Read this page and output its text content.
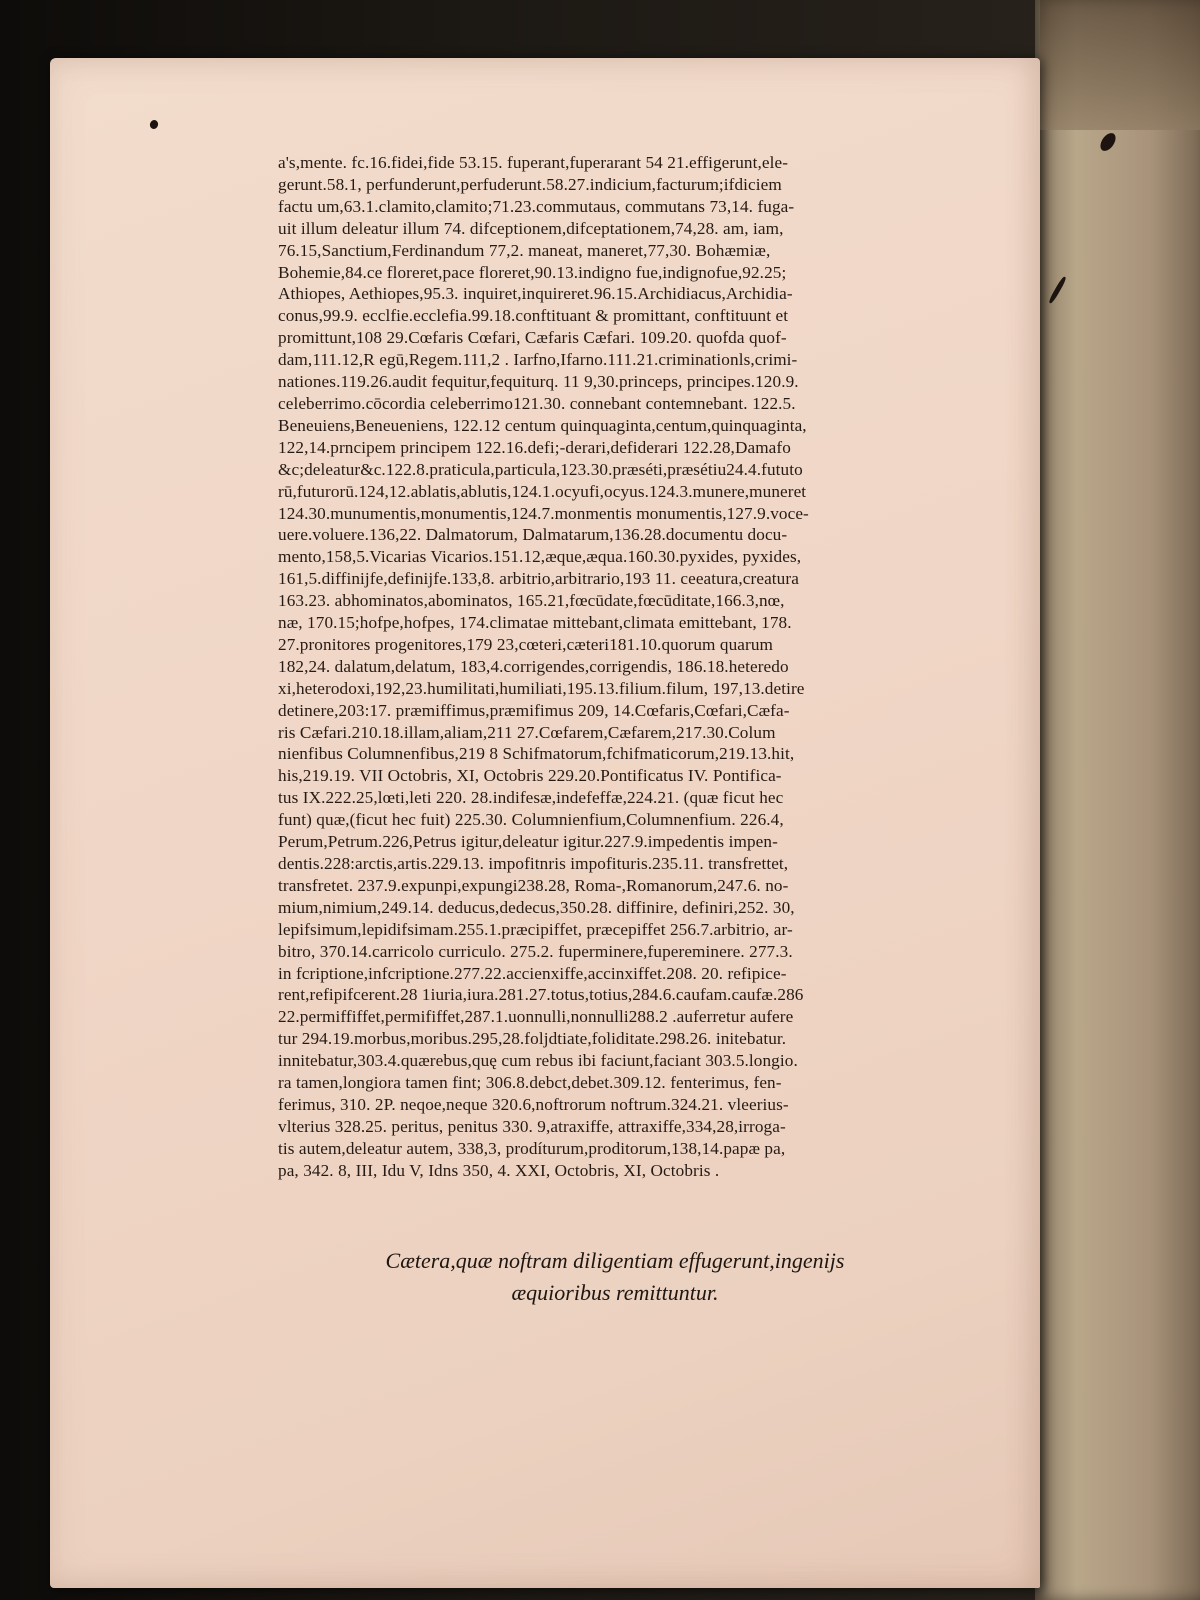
a's,mente. fc.16.fidei,fide 53.15. fuperant,fuperarant 54 21.effigerunt,ele-
gerunt.58.1, perfunderunt,perfuderunt.58.27.indicium,facturum;ifdiciem
factu um,63.1.clamito,clamito;71.23.commutaus, commutans 73,14. fuga-
uit illum deleatur illum 74. difceptionem,difceptationem,74,28. am, iam,
76.15,Sanctium,Ferdinandum 77,2. maneat, maneret,77,30. Bohæmiæ,
Bohemie,84.ce floreret,pace floreret,90.13.indigno fue,indignofue,92.25;
Athiopes, Aethiopes,95.3. inquiret,inquireret.96.15.Archidiacus,Archidia-
conus,99.9. ecclfie.ecclefia.99.18.conftituant & promittant, conftituunt et
promittunt,108 29.Cœfaris Cœfari, Cæfaris Cæfari. 109.20. quofda quof-
dam,111.12,R egū,Regem.111,2 . Iarfno,Ifarno.111.21.criminationls,crimi-
nationes.119.26.audit fequitur,fequiturq. 11 9,30.princeps, principes.120.9.
celeberrimo.cōcordia celeberrimo121.30. connebant contemnebant. 122.5.
Beneuiens,Beneueniens, 122.12 centum quinquaginta,centum,quinquaginta,
122,14.prncipem principem 122.16.defi;-derari,defiderari 122.28,Damafo
&c;deleatur&c.122.8.praticula,particula,123.30.præséti,præsétiu24.4.fututo
rū,futurorū.124,12.ablatis,ablutis,124.1.ocyufi,ocyus.124.3.munere,muneret
124.30.munumentis,monumentis,124.7.monmentis monumentis,127.9.voce-
uere.voluere.136,22. Dalmatorum, Dalmatarum,136.28.documentu docu-
mento,158,5.Vicarias Vicarios.151.12,æque,æqua.160.30.pyxides, pyxides,
161,5.diffinijfe,definijfe.133,8. arbitrio,arbitrario,193 11. ceeatura,creatura
163.23. abhominatos,abominatos, 165.21,fœcūdate,fœcūditate,166.3,nœ,
næ, 170.15;hofpe,hofpes, 174.climatae mittebant,climata emittebant, 178.
27.pronitores progenitores,179 23,cœteri,cæteri181.10.quorum quarum
182,24. dalatum,delatum, 183,4.corrigendes,corrigendis, 186.18.heteredo
xi,heterodoxi,192,23.humilitati,humiliati,195.13.filium.filum, 197,13.detire
detinere,203:17. præmiffimus,præmifimus 209, 14.Cœfaris,Cœfari,Cæfa-
ris Cæfari.210.18.illam,aliam,211 27.Cœfarem,Cæfarem,217.30.Colum
nienfibus Columnenfibus,219 8 Schifmatorum,fchifmaticorum,219.13.hit,
his,219.19. VII Octobris, XI, Octobris 229.20.Pontificatus IV. Pontifica-
tus IX.222.25,lœti,leti 220. 28.indifesæ,indefeffæ,224.21. (quæ ficut hec
funt) quæ,(ficut hec fuit) 225.30. Columnienfium,Columnenfium. 226.4,
Perum,Petrum.226,Petrus igitur,deleatur igitur.227.9.impedentis impen-
dentis.228:arctis,artis.229.13. impofitnris impofituris.235.11. transfrettet,
transfretet. 237.9.expunpi,expungi238.28, Roma-,Romanorum,247.6. no-
mium,nimium,249.14. deducus,dedecus,350.28. diffinire, definiri,252. 30,
lepifsimum,lepidifsimam.255.1.præcipiffet, præcepiffet 256.7.arbitrio, ar-
bitro, 370.14.carricolo curriculo. 275.2. fuperminere,fupereminere. 277.3.
in fcriptione,infcriptione.277.22.accienxiffe,accinxiffet.208. 20. refipice-
rent,refipifcerent.28 1iuria,iura.281.27.totus,totius,284.6.caufam.caufæ.286
22.permiffiffet,permififfet,287.1.uonnulli,nonnulli288.2 .auferretur aufere
tur 294.19.morbus,moribus.295,28.foljdtiate,foliditate.298.26. initebatur.
innitebatur,303.4.quærebus,quę cum rebus ibi faciunt,faciant 303.5.longio.
ra tamen,longiora tamen fint; 306.8.debct,debet.309.12. fenterimus, fen-
ferimus, 310. 2P. neqoe,neque 320.6,noftrorum noftrum.324.21. vleerius-
vlterius 328.25. peritus, penitus 330. 9,atraxiffe, attraxiffe,334,28,irroga-
tis autem,deleatur autem, 338,3, prodíturum,proditorum,138,14.papæ pa,
pa, 342. 8, III, Idu V, Idns 350, 4. XXI, Octobris, XI, Octobris .
Cætera,quæ noftram diligentiam effugerunt,ingenijs
æquioribus remittuntur.
